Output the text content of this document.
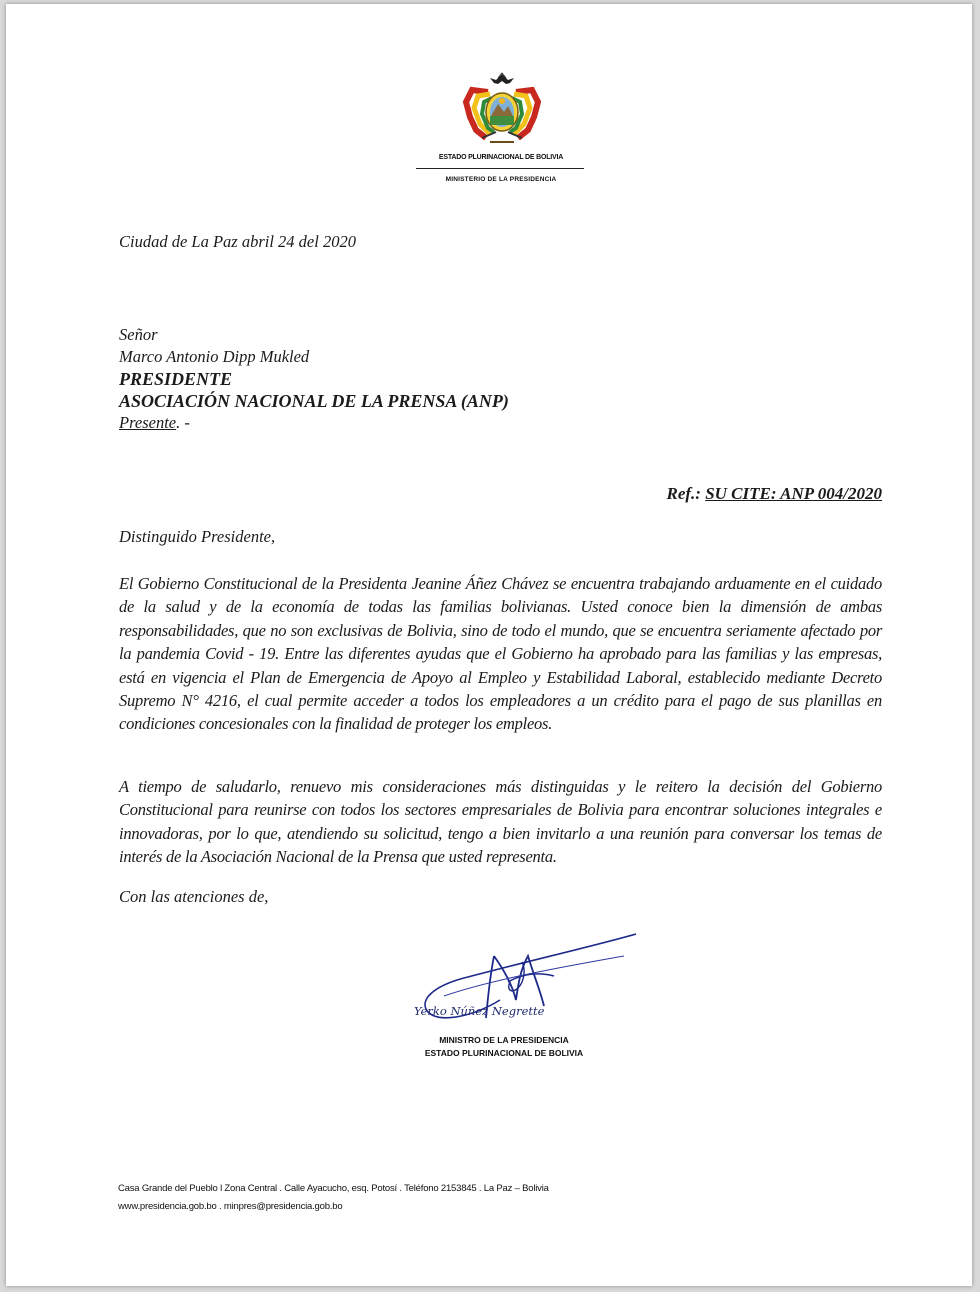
ESTADO PLURINACIONAL DE BOLIVIA
MINISTERIO DE LA PRESIDENCIA
Ciudad de La Paz abril 24 del 2020
Señor
Marco Antonio Dipp Mukled
PRESIDENTE
ASOCIACIÓN NACIONAL DE LA PRENSA (ANP)
Presente. -
Ref.: SU CITE: ANP 004/2020
Distinguido Presidente,
El Gobierno Constitucional de la Presidenta Jeanine Áñez Chávez se encuentra trabajando arduamente en el cuidado de la salud y de la economía de todas las familias bolivianas. Usted conoce bien la dimensión de ambas responsabilidades, que no son exclusivas de Bolivia, sino de todo el mundo, que se encuentra seriamente afectado por la pandemia Covid - 19. Entre las diferentes ayudas que el Gobierno ha aprobado para las familias y las empresas, está en vigencia el Plan de Emergencia de Apoyo al Empleo y Estabilidad Laboral, establecido mediante Decreto Supremo N° 4216, el cual permite acceder a todos los empleadores a un crédito para el pago de sus planillas en condiciones concesionales con la finalidad de proteger los empleos.
A tiempo de saludarlo, renuevo mis consideraciones más distinguidas y le reitero la decisión del Gobierno Constitucional para reunirse con todos los sectores empresariales de Bolivia para encontrar soluciones integrales e innovadoras, por lo que, atendiendo su solicitud, tengo a bien invitarlo a una reunión para conversar los temas de interés de la Asociación Nacional de la Prensa que usted representa.
Con las atenciones de,
Yerko Núñez Negrette
MINISTRO DE LA PRESIDENCIA
ESTADO PLURINACIONAL DE BOLIVIA
Casa Grande del Pueblo l Zona Central . Calle Ayacucho, esq. Potosí . Teléfono 2153845 . La Paz – Bolivia
www.presidencia.gob.bo . minpres@presidencia.gob.bo
